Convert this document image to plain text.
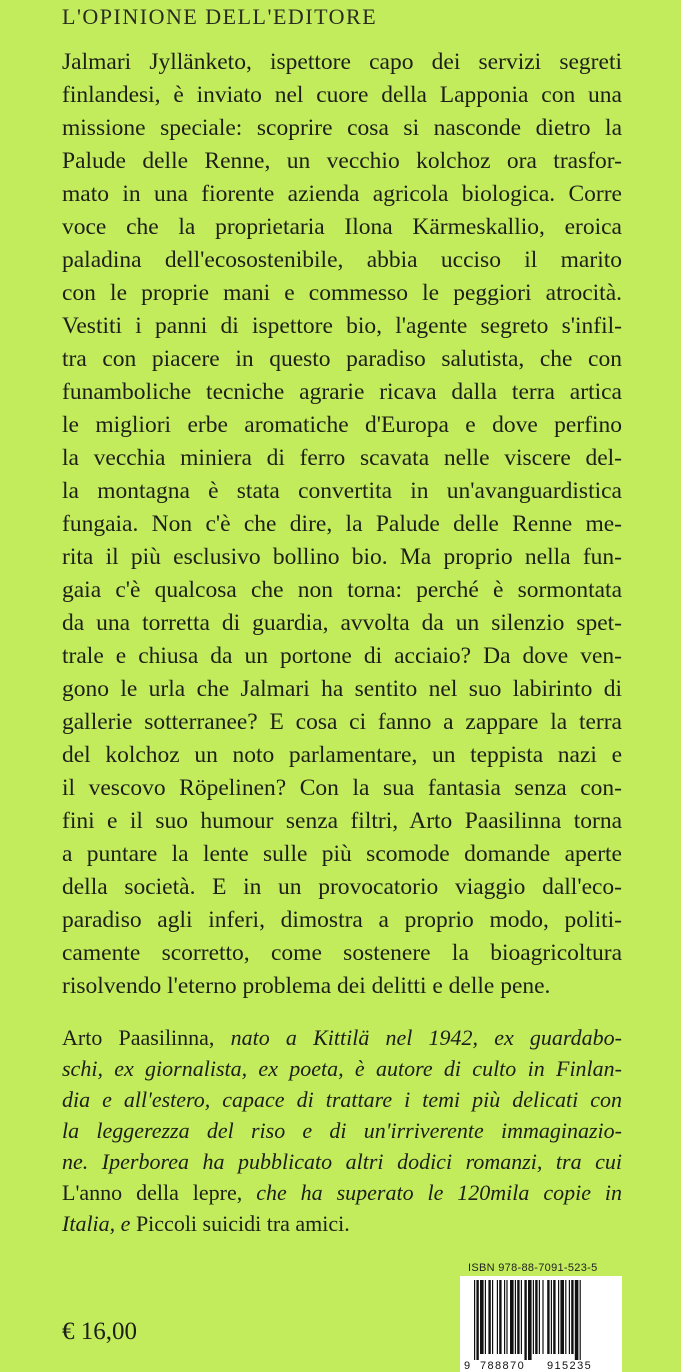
L'OPINIONE DELL'EDITORE
Jalmari Jyllänketo, ispettore capo dei servizi segreti
finlandesi, è inviato nel cuore della Lapponia con una
missione speciale: scoprire cosa si nasconde dietro la
Palude delle Renne, un vecchio kolchoz ora trasfor-
mato in una fiorente azienda agricola biologica. Corre
voce che la proprietaria Ilona Kärmeskallio, eroica
paladina dell'ecosostenibile, abbia ucciso il marito
con le proprie mani e commesso le peggiori atrocità.
Vestiti i panni di ispettore bio, l'agente segreto s'infil-
tra con piacere in questo paradiso salutista, che con
funamboliche tecniche agrarie ricava dalla terra artica
le migliori erbe aromatiche d'Europa e dove perfino
la vecchia miniera di ferro scavata nelle viscere del-
la montagna è stata convertita in un'avanguardistica
fungaia. Non c'è che dire, la Palude delle Renne me-
rita il più esclusivo bollino bio. Ma proprio nella fun-
gaia c'è qualcosa che non torna: perché è sormontata
da una torretta di guardia, avvolta da un silenzio spet-
trale e chiusa da un portone di acciaio? Da dove ven-
gono le urla che Jalmari ha sentito nel suo labirinto di
gallerie sotterranee? E cosa ci fanno a zappare la terra
del kolchoz un noto parlamentare, un teppista nazi e
il vescovo Röpelinen? Con la sua fantasia senza con-
fini e il suo humour senza filtri, Arto Paasilinna torna
a puntare la lente sulle più scomode domande aperte
della società. E in un provocatorio viaggio dall'eco-
paradiso agli inferi, dimostra a proprio modo, politi-
camente scorretto, come sostenere la bioagricoltura
risolvendo l'eterno problema dei delitti e delle pene.
Arto Paasilinna, nato a Kittilä nel 1942, ex guardabo-
schi, ex giornalista, ex poeta, è autore di culto in Finlan-
dia e all'estero, capace di trattare i temi più delicati con
la leggerezza del riso e di un'irriverente immaginazio-
ne. Iperborea ha pubblicato altri dodici romanzi, tra cui
L'anno della lepre, che ha superato le 120mila copie in
Italia, e Piccoli suicidi tra amici.
ISBN 978-88-7091-523-5
9 788870 915235
€ 16,00
